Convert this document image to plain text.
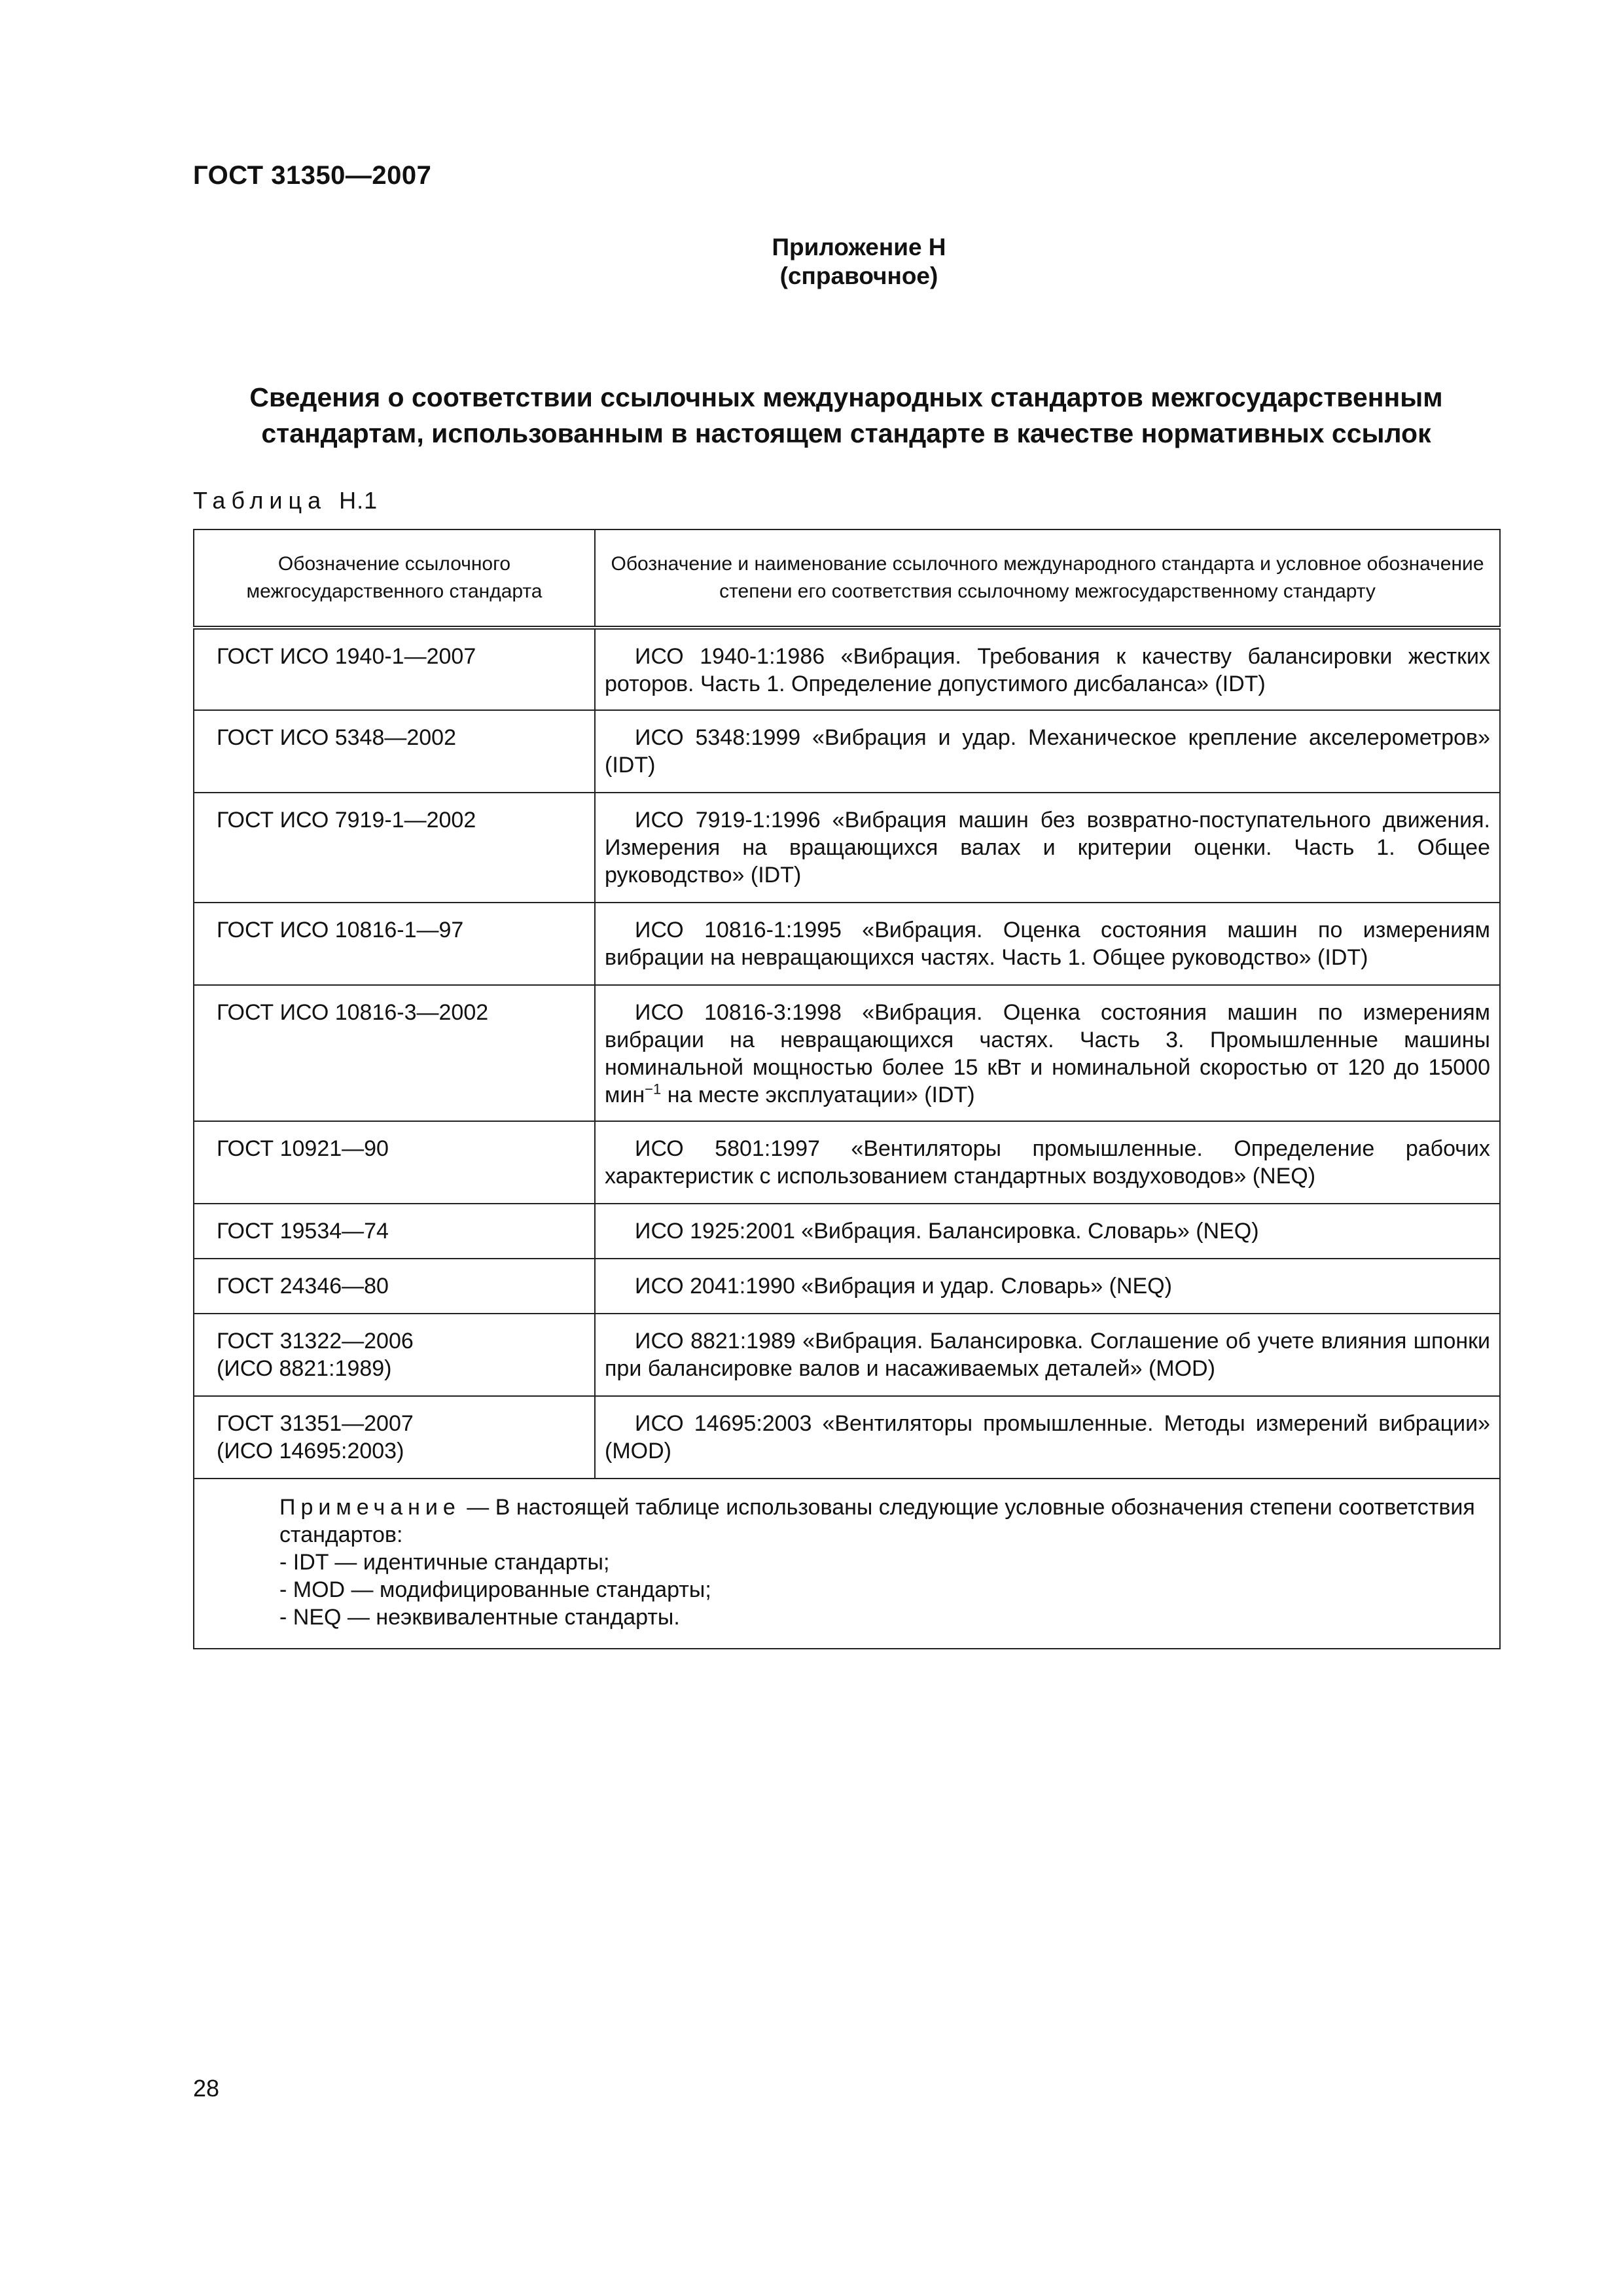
ГОСТ 31350—2007
Приложение Н
(справочное)
Сведения о соответствии ссылочных международных стандартов межгосударственным
стандартам, использованным в настоящем стандарте в качестве нормативных ссылок
Таблица Н.1
Обозначение ссылочного межгосударственного стандарта	Обозначение и наименование ссылочного международного стандарта и условное обозначение степени его соответствия ссылочному межгосударственному стандарту

ГОСТ ИСО 1940-1—2007	ИСО 1940-1:1986 «Вибрация. Требования к качеству балансировки жестких роторов. Часть 1. Определение допустимого дисбаланса» (IDT)

ГОСТ ИСО 5348—2002	ИСО 5348:1999 «Вибрация и удар. Механическое крепление акселерометров» (IDT)

ГОСТ ИСО 7919-1—2002	ИСО 7919-1:1996 «Вибрация машин без возвратно-поступательного движения. Измерения на вращающихся валах и критерии оценки. Часть 1. Общее руководство» (IDT)

ГОСТ ИСО 10816-1—97	ИСО 10816-1:1995 «Вибрация. Оценка состояния машин по измерениям вибрации на невращающихся частях. Часть 1. Общее руководство» (IDT)

ГОСТ ИСО 10816-3—2002	ИСО 10816-3:1998 «Вибрация. Оценка состояния машин по измерениям вибрации на невращающихся частях. Часть 3. Промышленные машины номинальной мощностью более 15 кВт и номинальной скоростью от 120 до 15000 мин$^{-1}$ на месте эксплуатации» (IDT)

ГОСТ 10921—90	ИСО 5801:1997 «Вентиляторы промышленные. Определение рабочих характеристик с использованием стандартных воздуховодов» (NEQ)

ГОСТ 19534—74	ИСО 1925:2001 «Вибрация. Балансировка. Словарь» (NEQ)

ГОСТ 24346—80	ИСО 2041:1990 «Вибрация и удар. Словарь» (NEQ)

ГОСТ 31322—2006
(ИСО 8821:1989)	ИСО 8821:1989 «Вибрация. Балансировка. Соглашение об учете влияния шпонки при балансировке валов и насаживаемых деталей» (MOD)

ГОСТ 31351—2007
(ИСО 14695:2003)	ИСО 14695:2003 «Вентиляторы промышленные. Методы измерений вибрации» (MOD)

Примечание — В настоящей таблице использованы следующие условные обозначения степени соответствия стандартов:
- IDT — идентичные стандарты;
- MOD — модифицированные стандарты;
- NEQ — неэквивалентные стандарты.	
28
